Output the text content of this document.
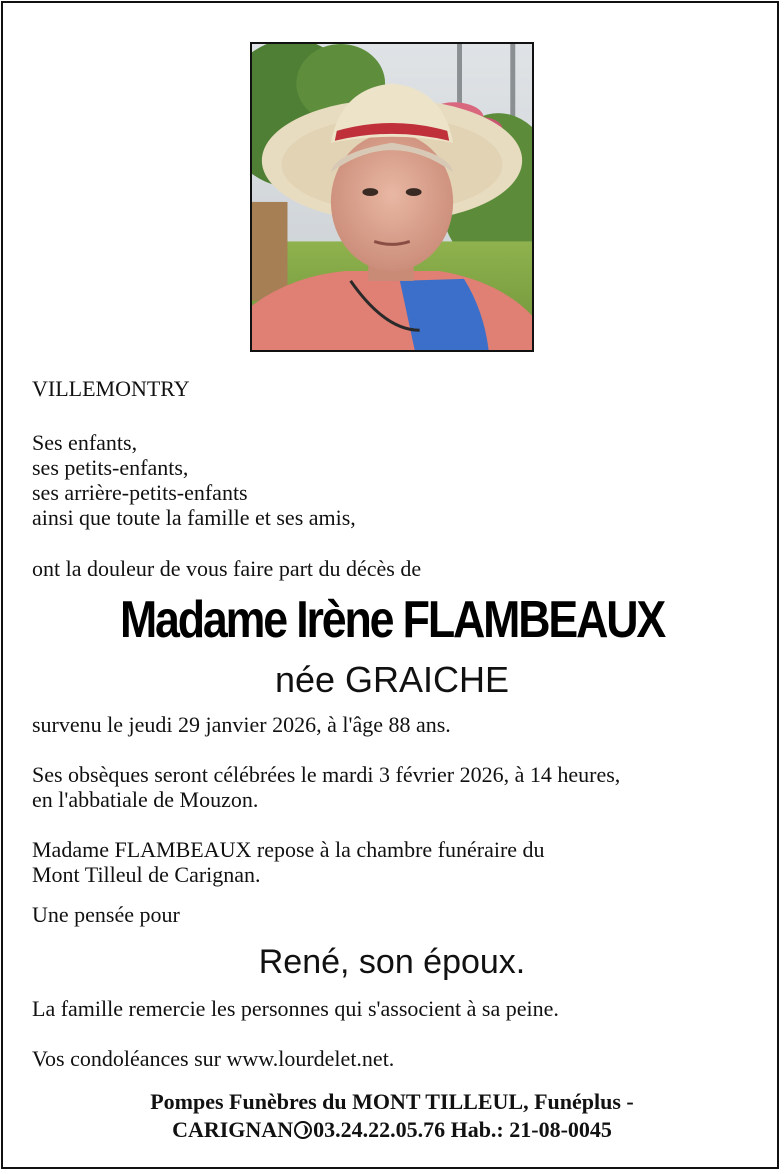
VILLEMONTRY
Ses enfants,
ses petits-enfants,
ses arrière-petits-enfants
ainsi que toute la famille et ses amis,
ont la douleur de vous faire part du décès de
Madame Irène FLAMBEAUX
née GRAICHE
survenu le jeudi 29 janvier 2026, à l'âge 88 ans.
Ses obsèques seront célébrées le mardi 3 février 2026, à 14 heures,
en l'abbatiale de Mouzon.
Madame FLAMBEAUX repose à la chambre funéraire du
Mont Tilleul de Carignan.
Une pensée pour
René, son époux.
La famille remercie les personnes qui s'associent à sa peine.
Vos condoléances sur www.lourdelet.net.
Pompes Funèbres du MONT TILLEUL, Funéplus -
CARIGNAN 03.24.22.05.76 Hab.: 21-08-0045
